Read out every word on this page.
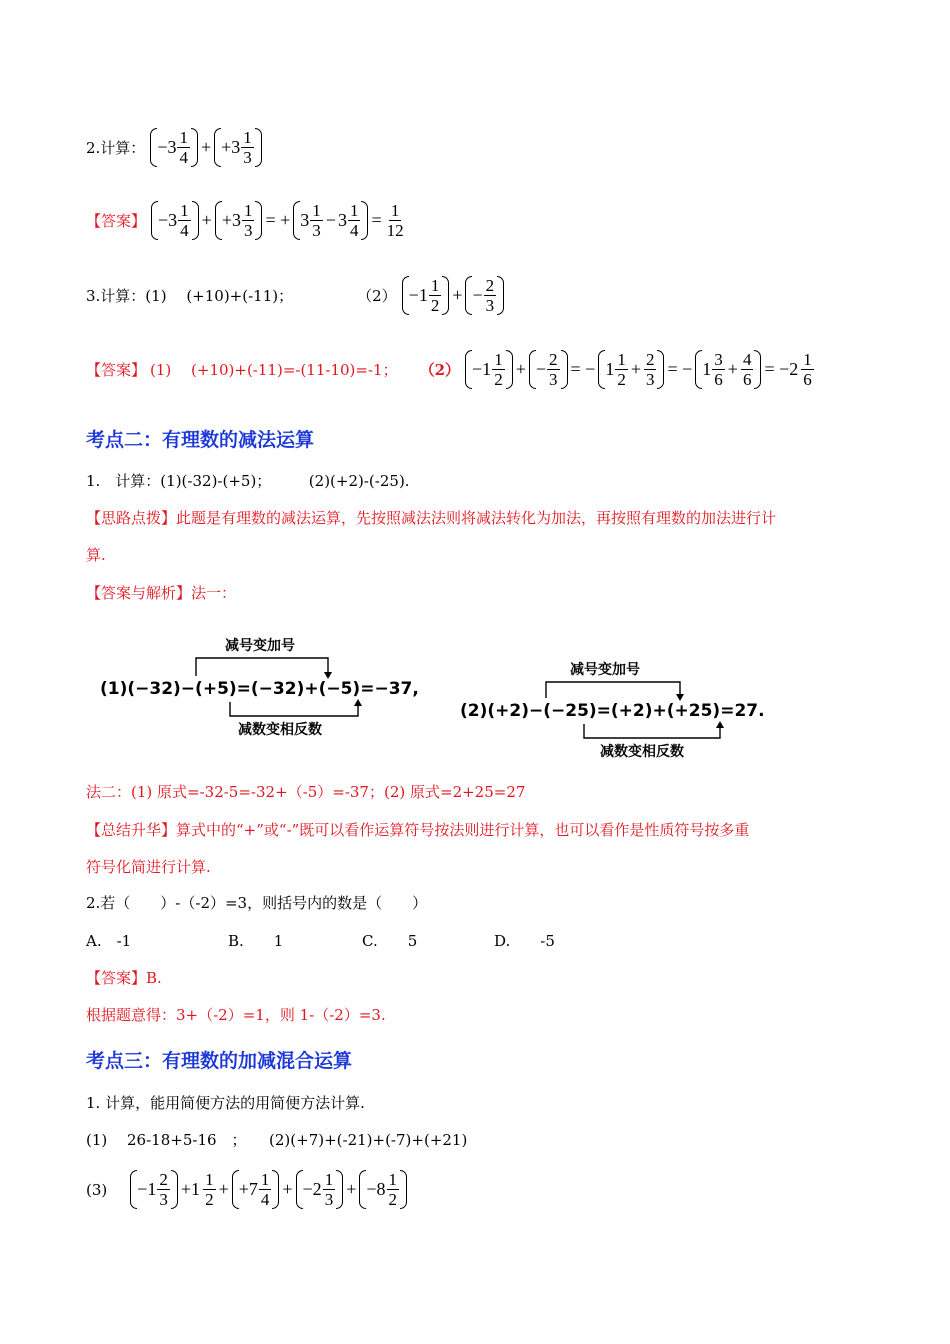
2.计算： $-3 \frac{1}{4} + +3 \frac{1}{3}$
【答案】 $-3 \frac{1}{4} + +3 \frac{1}{3}$ = + $3 \frac{1}{3} - 3 \frac{1}{4} = \frac{1}{12}$
3.计算：(1)　 (+10)+(-11)；	$(2) -1 \frac{1}{2}$ + − $\frac{2}{3}$
【答案】 (1)　 (+10)+(-11)=-(11-10)=-1； $(2) -1 \frac{1}{2}$ + − $\frac{2}{3}$ = − $1 \frac{1}{2} + \frac{2}{3}$ = − $1 \frac{3}{6} + \frac{4}{6} = -2 \frac{1}{6}$
考点二：有理数的减法运算
1.　计算：(1)(-32)-(+5)；　　　(2)(+2)-(-25).
【思路点拨】此题是有理数的减法运算，先按照减法法则将减法转化为加法，再按照有理数的加法进行计
算.
【答案与解析】法一：
减号变加号
(1)(−32)−(+5)=(−32)+(−5)=−37,
减数变相反数
减号变加号
(2)(+2)−(−25)=(+2)+(+25)=27.
减数变相反数
法二：(1) 原式=-32-5=-32+（-5）=-37；(2) 原式=2+25=27
【总结升华】算式中的“+”或“-”既可以看作运算符号按法则进行计算，也可以看作是性质符号按多重
符号化简进行计算.
2.若（　　）-（-2）=3，则括号内的数是（　　）
A.　-1	B.　　1	C.　　5	D.　　-5
【答案】B.
根据题意得：3+（-2）=1，则 1-（-2）=3.
考点三：有理数的加减混合运算
1. 计算，能用简便方法的用简便方法计算.
(1)　 26-18+5-16　；　　(2)(+7)+(-21)+(-7)+(+21)
$(3) -1 \frac{2}{3} +1 \frac{1}{2} + +7 \frac{1}{4} + -2 \frac{1}{3} + -8 \frac{1}{2}$
